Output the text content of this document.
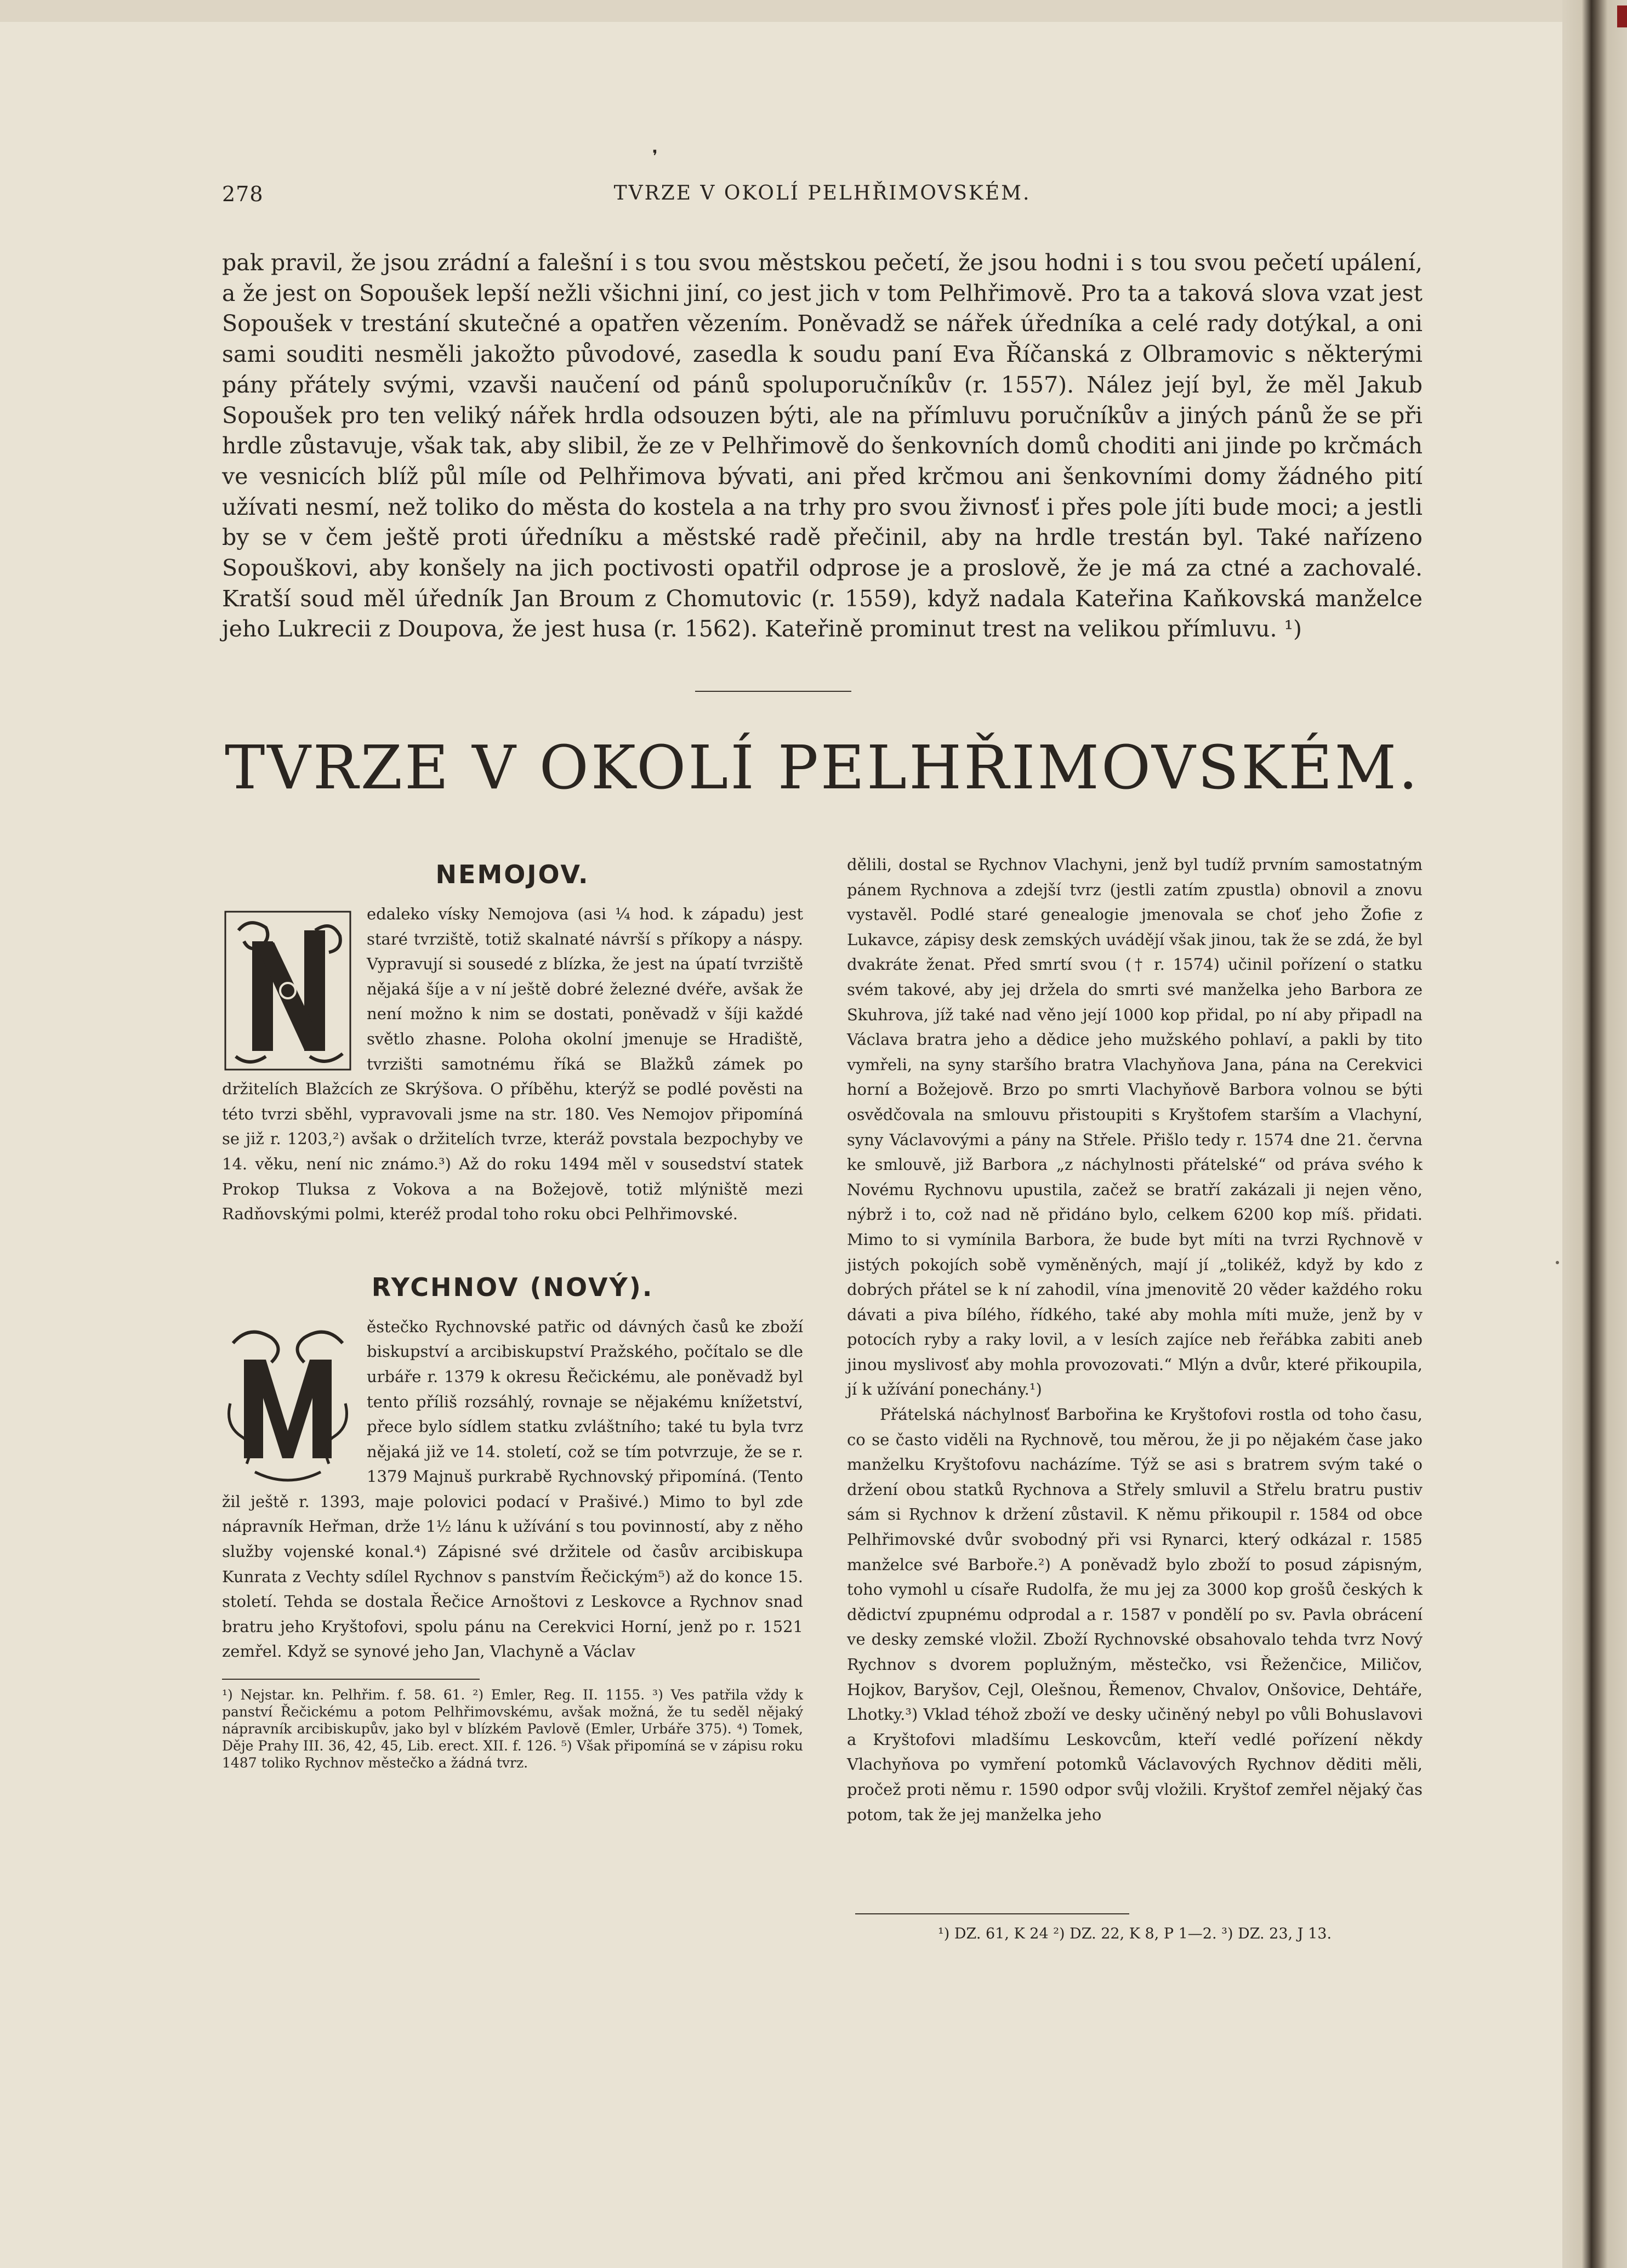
❜
278	TVRZE V OKOLÍ PELHŘIMOVSKÉM.
pak pravil, že jsou zrádní a falešní i s tou svou městskou pečetí, že jsou hodni i s tou svou pečetí upálení, a že jest on Sopoušek lepší nežli všichni jiní, co jest jich v tom Pelhřimově. Pro ta a taková slova vzat jest Sopoušek v trestání skutečné a opatřen vězením. Poněvadž se nářek úředníka a celé rady dotýkal, a oni sami souditi nesměli jakožto původové, zasedla k soudu paní Eva Říčanská z Olbramovic s některými pány přátely svými, vzavši naučení od pánů spoluporučníkův (r. 1557). Nález její byl, že měl Jakub Sopoušek pro ten veliký nářek hrdla odsouzen býti, ale na přímluvu poručníkův a jiných pánů že se při hrdle zůstavuje, však tak, aby slibil, že ze v Pelhřimově do šenkovních domů choditi ani jinde po krčmách ve vesnicích blíž půl míle od Pelhřimova bývati, ani před krčmou ani šenkovními domy žádného pití užívati nesmí, než toliko do města do kostela a na trhy pro svou živnosť i přes pole jíti bude moci; a jestli by se v čem ještě proti úředníku a městské radě přečinil, aby na hrdle trestán byl. Také nařízeno Sopouškovi, aby konšely na jich poctivosti opatřil odprose je a proslově, že je má za ctné a zachovalé. Kratší soud měl úředník Jan Broum z Chomutovic (r. 1559), když nadala Kateřina Kaňkovská manželce jeho Lukrecii z Doupova, že jest husa (r. 1562). Kateřině prominut trest na velikou přímluvu. ¹)
TVRZE V OKOLÍ PELHŘIMOVSKÉM.
NEMOJOV.

edaleko vísky Nemojova (asi ¼ hod. k západu) jest staré tvrziště, totiž skalnaté návrší s příkopy a náspy. Vypravují si sousedé z blízka, že jest na úpatí tvrziště nějaká šíje a v ní ještě dobré železné dvéře, avšak že není možno k nim se dostati, poněvadž v šíji každé světlo zhasne. Poloha okolní jmenuje se Hradiště, tvrzišti samotnému říká se Blažků zámek po držitelích Blažcích ze Skrýšova. O příběhu, kterýž se podlé pověsti na této tvrzi sběhl, vypravovali jsme na str. 180. Ves Nemojov připomíná se již r. 1203,²) avšak o držitelích tvrze, kteráž povstala bezpochyby ve 14. věku, není nic známo.³) Až do roku 1494 měl v sousedství statek Prokop Tluksa z Vokova a na Božejově, totiž mlýniště mezi Radňovskými polmi, kteréž prodal toho roku obci Pelhřimovské.

RYCHNOV (NOVÝ).

ěstečko Rychnovské patřic od dávných časů ke zboží biskupství a arcibiskupství Pražského, počítalo se dle urbáře r. 1379 k okresu Řečickému, ale poněvadž byl tento příliš rozsáhlý, rovnaje se nějakému knížetství, přece bylo sídlem statku zvláštního; také tu byla tvrz nějaká již ve 14. století, což se tím potvrzuje, že se r. 1379 Majnuš purkrabě Rychnovský připomíná. (Tento žil ještě r. 1393, maje polovici podací v Prašivé.) Mimo to byl zde nápravník Heřman, drže 1½ lánu k užívání s tou povinností, aby z něho služby vojenské konal.⁴) Zápisné své držitele od časův arcibiskupa Kunrata z Vechty sdílel Rychnov s panstvím Řečickým⁵) až do konce 15. století. Tehda se dostala Řečice Arnoštovi z Leskovce a Rychnov snad bratru jeho Kryštofovi, spolu pánu na Cerekvici Horní, jenž po r. 1521 zemřel. Když se synové jeho Jan, Vlachyně a Václav

¹) Nejstar. kn. Pelhřim. f. 58. 61. ²) Emler, Reg. II. 1155. ³) Ves patřila vždy k panství Řečickému a potom Pelhřimovskému, avšak možná, že tu seděl nějaký nápravník arcibiskupův, jako byl v blízkém Pavlově (Emler, Urbáře 375). ⁴) Tomek, Děje Prahy III. 36, 42, 45, Lib. erect. XII. f. 126. ⁵) Však připomíná se v zápisu roku 1487 toliko Rychnov městečko a žádná tvrz.

dělili, dostal se Rychnov Vlachyni, jenž byl tudíž prvním samostatným pánem Rychnova a zdejší tvrz (jestli zatím zpustla) obnovil a znovu vystavěl. Podlé staré genealogie jmenovala se choť jeho Žofie z Lukavce, zápisy desk zemských uvádějí však jinou, tak že se zdá, že byl dvakráte ženat. Před smrtí svou († r. 1574) učinil pořízení o statku svém takové, aby jej držela do smrti své manželka jeho Barbora ze Skuhrova, jíž také nad věno její 1000 kop přidal, po ní aby připadl na Václava bratra jeho a dědice jeho mužského pohlaví, a pakli by tito vymřeli, na syny staršího bratra Vlachyňova Jana, pána na Cerekvici horní a Božejově. Brzo po smrti Vlachyňově Barbora volnou se býti osvědčovala na smlouvu přistoupiti s Kryštofem starším a Vlachyní, syny Václavovými a pány na Střele. Přišlo tedy r. 1574 dne 21. června ke smlouvě, již Barbora „z náchylnosti přátelské“ od práva svého k Novému Rychnovu upustila, začež se bratří zakázali ji nejen věno, nýbrž i to, což nad ně přidáno bylo, celkem 6200 kop míš. přidati. Mimo to si vymínila Barbora, že bude byt míti na tvrzi Rychnově v jistých pokojích sobě vyměněných, mají jí „tolikéž, když by kdo z dobrých přátel se k ní zahodil, vína jmenovitě 20 věder každého roku dávati a piva bílého, řídkého, také aby mohla míti muže, jenž by v potocích ryby a raky lovil, a v lesích zajíce neb řeřábka zabiti aneb jinou myslivosť aby mohla provozovati.“ Mlýn a dvůr, které přikoupila, jí k užívání ponechány.¹)

Přátelská náchylnosť Barbořina ke Kryštofovi rostla od toho času, co se často viděli na Rychnově, tou měrou, že ji po nějakém čase jako manželku Kryštofovu nacházíme. Týž se asi s bratrem svým také o držení obou statků Rychnova a Střely smluvil a Střelu bratru pustiv sám si Rychnov k držení zůstavil. K němu přikoupil r. 1584 od obce Pelhřimovské dvůr svobodný při vsi Rynarci, který odkázal r. 1585 manželce své Barboře.²) A poněvadž bylo zboží to posud zápisným, toho vymohl u císaře Rudolfa, že mu jej za 3000 kop grošů českých k dědictví zpupnému odprodal a r. 1587 v pondělí po sv. Pavla obrácení ve desky zemské vložil. Zboží Rychnovské obsahovalo tehda tvrz Nový Rychnov s dvorem poplužným, městečko, vsi Řeženčice, Miličov, Hojkov, Baryšov, Cejl, Olešnou, Řemenov, Chvalov, Onšovice, Dehtáře, Lhotky.³) Vklad téhož zboží ve desky učiněný nebyl po vůli Bohuslavovi a Kryštofovi mladšímu Leskovcům, kteří vedlé pořízení někdy Vlachyňova po vymření potomků Václavových Rychnov děditi měli, pročež proti němu r. 1590 odpor svůj vložili. Kryštof zemřel nějaký čas potom, tak že jej manželka jeho

¹) DZ. 61, K 24 ²) DZ. 22, K 8, P 1—2. ³) DZ. 23, J 13.
